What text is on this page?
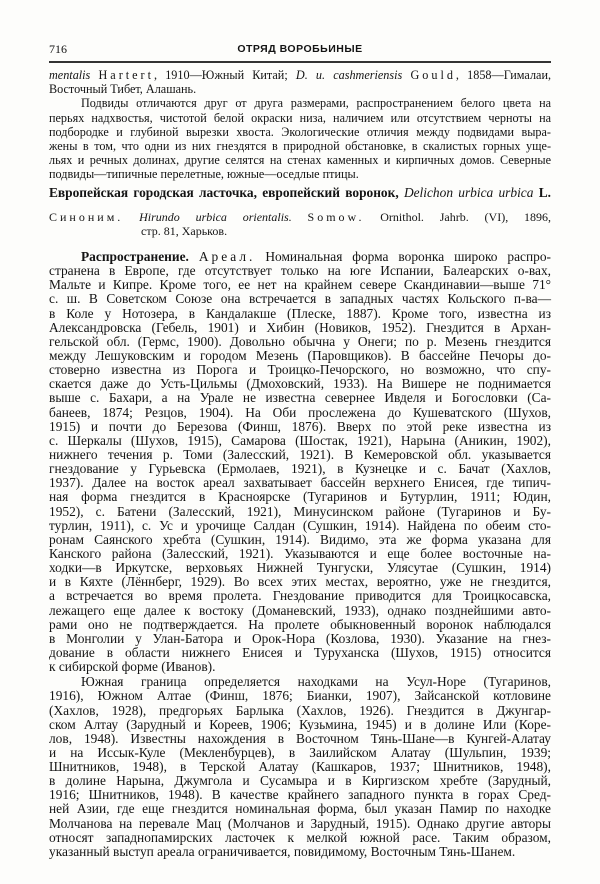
716	ОТРЯД ВОРОБЬИНЫЕ
mentalis Hartert, 1910—Южный Китай; D. u. cashmeriensis Gould, 1858—Гималаи,
Восточный Тибет, Алашань.
Подвиды отличаются друг от друга размерами, распространением белого цвета на
перьях надхвостья, чистотой белой окраски низа, наличием или отсутствием черноты на
подбородке и глубиной вырезки хвоста. Экологические отличия между подвидами выра-
жены в том, что одни из них гнездятся в природной обстановке, в скалистых горных уще-
льях и речных долинах, другие селятся на стенах каменных и кирпичных домов. Северные
подвиды—типичные перелетные, южные—оседлые птицы.
Европейская городская ласточка, европейский воронок, Delichon urbica urbica L.
Синоним. Hirundo urbica orientalis. Somow. Ornithol. Jahrb. (VI), 1896,
стр. 81, Харьков.
Распространение. Ареал. Номинальная форма воронка широко распро-
странена в Европе, где отсутствует только на юге Испании, Балеарских о-вах,
Мальте и Кипре. Кроме того, ее нет на крайнем севере Скандинавии—выше 71°
с. ш. В Советском Союзе она встречается в западных частях Кольского п-ва—
в Коле у Нотозера, в Кандалакше (Плеске, 1887). Кроме того, известна из
Александровска (Гебель, 1901) и Хибин (Новиков, 1952). Гнездится в Архан-
гельской обл. (Гермс, 1900). Довольно обычна у Онеги; по р. Мезень гнездится
между Лешуковским и городом Мезень (Паровщиков). В бассейне Печоры до-
стоверно известна из Порога и Троицко-Печорского, но возможно, что спу-
скается даже до Усть-Цильмы (Дмоховский, 1933). На Вишере не поднимается
выше с. Бахари, а на Урале не известна севернее Ивделя и Богословки (Са-
банеев, 1874; Резцов, 1904). На Оби прослежена до Кушеватского (Шухов,
1915) и почти до Березова (Финш, 1876). Вверх по этой реке известна из
с. Шеркалы (Шухов, 1915), Самарова (Шостак, 1921), Нарына (Аникин, 1902),
нижнего течения р. Томи (Залесский, 1921). В Кемеровской обл. указывается
гнездование у Гурьевска (Ермолаев, 1921), в Кузнецке и с. Бачат (Хахлов,
1937). Далее на восток ареал захватывает бассейн верхнего Енисея, где типич-
ная форма гнездится в Красноярске (Тугаринов и Бутурлин, 1911; Юдин,
1952), с. Батени (Залесский, 1921), Минусинском районе (Тугаринов и Бу-
турлин, 1911), с. Ус и урочище Салдан (Сушкин, 1914). Найдена по обеим сто-
ронам Саянского хребта (Сушкин, 1914). Видимо, эта же форма указана для
Канского района (Залесский, 1921). Указываются и еще более восточные на-
ходки—в Иркутске, верховьях Нижней Тунгуски, Улясутае (Сушкин, 1914)
и в Кяхте (Лённберг, 1929). Во всех этих местах, вероятно, уже не гнездится,
а встречается во время пролета. Гнездование приводится для Троицкосавска,
лежащего еще далее к востоку (Доманевский, 1933), однако позднейшими авто-
рами оно не подтверждается. На пролете обыкновенный воронок наблюдался
в Монголии у Улан-Батора и Орок-Нора (Козлова, 1930). Указание на гнез-
дование в области нижнего Енисея и Туруханска (Шухов, 1915) относится
к сибирской форме (Иванов).
Южная граница определяется находками на Усул-Норе (Тугаринов,
1916), Южном Алтае (Финш, 1876; Бианки, 1907), Зайсанской котловине
(Хахлов, 1928), предгорьях Барлыка (Хахлов, 1926). Гнездится в Джунгар-
ском Алтау (Зарудный и Кореев, 1906; Кузьмина, 1945) и в долине Или (Коре-
лов, 1948). Известны нахождения в Восточном Тянь-Шане—в Кунгей-Алатау
и на Иссык-Куле (Мекленбурцев), в Заилийском Алатау (Шульпин, 1939;
Шнитников, 1948), в Терской Алатау (Кашкаров, 1937; Шнитников, 1948),
в долине Нарына, Джумгола и Сусамыра и в Киргизском хребте (Зарудный,
1916; Шнитников, 1948). В качестве крайнего западного пункта в горах Сред-
ней Азии, где еще гнездится номинальная форма, был указан Памир по находке
Молчанова на перевале Мац (Молчанов и Зарудный, 1915). Однако другие авторы
относят западнопамирских ласточек к мелкой южной расе. Таким образом,
указанный выступ ареала ограничивается, повидимому, Восточным Тянь-Шанем.
